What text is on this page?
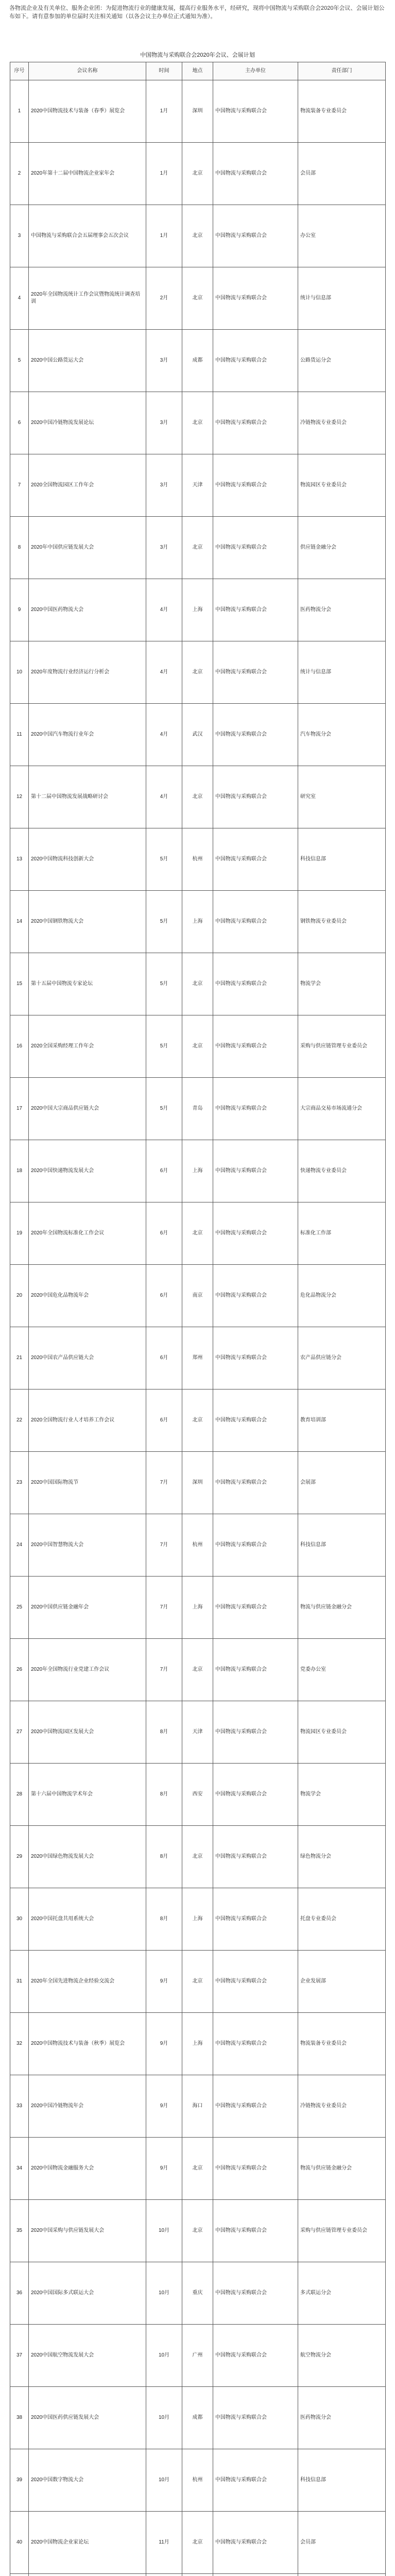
各物流企业及有关单位、服务企业团：为促进物流行业的健康发展，提高行业服务水平，经研究，现将中国物流与采购联合会2020年会议、会展计划公布如下。请有意参加的单位届时关注相关通知（以各会议主办单位正式通知为准）。
中国物流与采购联合会2020年会议、会展计划
序号	会议名称	时间	地点	主办单位	责任部门
1	2020中国物流技术与装备（春季）展览会	1月	深圳	中国物流与采购联合会	物流装备专业委员会
2	2020年第十二届中国物流企业家年会	1月	北京	中国物流与采购联合会	会员部
3	中国物流与采购联合会五届理事会五次会议	1月	北京	中国物流与采购联合会	办公室
4	2020年全国物流统计工作会议暨物流统计调查培训	2月	北京	中国物流与采购联合会	统计与信息部
5	2020中国公路货运大会	3月	成都	中国物流与采购联合会	公路货运分会
6	2020中国冷链物流发展论坛	3月	北京	中国物流与采购联合会	冷链物流专业委员会
7	2020全国物流园区工作年会	3月	天津	中国物流与采购联合会	物流园区专业委员会
8	2020年中国供应链发展大会	3月	北京	中国物流与采购联合会	供应链金融分会
9	2020中国医药物流大会	4月	上海	中国物流与采购联合会	医药物流分会
10	2020年度物流行业经济运行分析会	4月	北京	中国物流与采购联合会	统计与信息部
11	2020中国汽车物流行业年会	4月	武汉	中国物流与采购联合会	汽车物流分会
12	第十二届中国物流发展战略研讨会	4月	北京	中国物流与采购联合会	研究室
13	2020中国物流科技创新大会	5月	杭州	中国物流与采购联合会	科技信息部
14	2020中国钢铁物流大会	5月	上海	中国物流与采购联合会	钢铁物流专业委员会
15	第十五届中国物流专家论坛	5月	北京	中国物流与采购联合会	物流学会
16	2020全国采购经理工作年会	5月	北京	中国物流与采购联合会	采购与供应链管理专业委员会
17	2020中国大宗商品供应链大会	5月	青岛	中国物流与采购联合会	大宗商品交易市场流通分会
18	2020中国快递物流发展大会	6月	上海	中国物流与采购联合会	快递物流专业委员会
19	2020年全国物流标准化工作会议	6月	北京	中国物流与采购联合会	标准化工作部
20	2020中国危化品物流年会	6月	南京	中国物流与采购联合会	危化品物流分会
21	2020中国农产品供应链大会	6月	郑州	中国物流与采购联合会	农产品供应链分会
22	2020全国物流行业人才培养工作会议	6月	北京	中国物流与采购联合会	教育培训部
23	2020中国国际物流节	7月	深圳	中国物流与采购联合会	会展部
24	2020中国智慧物流大会	7月	杭州	中国物流与采购联合会	科技信息部
25	2020中国供应链金融年会	7月	上海	中国物流与采购联合会	物流与供应链金融分会
26	2020年全国物流行业党建工作会议	7月	北京	中国物流与采购联合会	党委办公室
27	2020中国物流园区发展大会	8月	天津	中国物流与采购联合会	物流园区专业委员会
28	第十六届中国物流学术年会	8月	西安	中国物流与采购联合会	物流学会
29	2020中国绿色物流发展大会	8月	北京	中国物流与采购联合会	绿色物流分会
30	2020中国托盘共用系统大会	8月	上海	中国物流与采购联合会	托盘专业委员会
31	2020年全国先进物流企业经验交流会	9月	北京	中国物流与采购联合会	企业发展部
32	2020中国物流技术与装备（秋季）展览会	9月	上海	中国物流与采购联合会	物流装备专业委员会
33	2020中国冷链物流年会	9月	海口	中国物流与采购联合会	冷链物流专业委员会
34	2020中国物流金融服务大会	9月	北京	中国物流与采购联合会	物流与供应链金融分会
35	2020中国采购与供应链发展大会	10月	北京	中国物流与采购联合会	采购与供应链管理专业委员会
36	2020中国国际多式联运大会	10月	重庆	中国物流与采购联合会	多式联运分会
37	2020中国航空物流发展大会	10月	广州	中国物流与采购联合会	航空物流分会
38	2020中国医药供应链发展大会	10月	成都	中国物流与采购联合会	医药物流分会
39	2020中国数字物流大会	10月	杭州	中国物流与采购联合会	科技信息部
40	2020中国物流企业家论坛	11月	北京	中国物流与采购联合会	会员部
